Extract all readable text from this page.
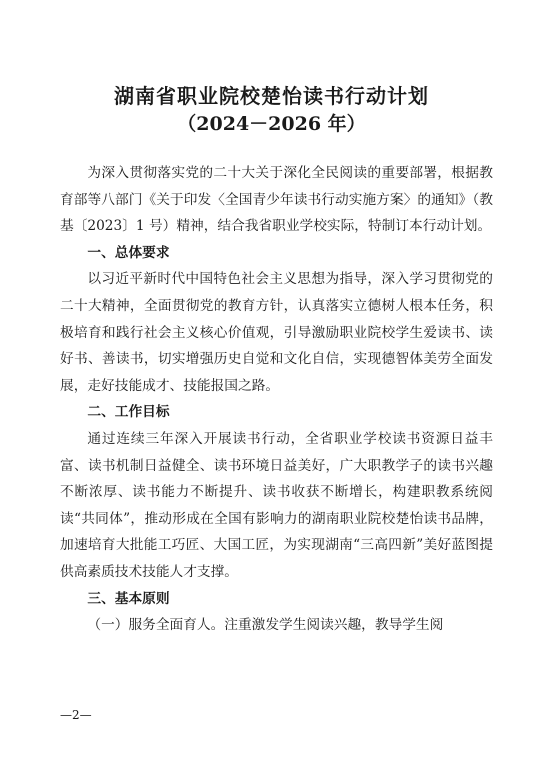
湖南省职业院校楚怡读书行动计划
（2024－2026 年）

为深入贯彻落实党的二十大关于深化全民阅读的重要部署，根据教育部等八部门《关于印发〈全国青少年读书行动实施方案〉的通知》（教基〔2023〕1 号）精神，结合我省职业学校实际，特制订本行动计划。

一、总体要求

以习近平新时代中国特色社会主义思想为指导，深入学习贯彻党的二十大精神，全面贯彻党的教育方针，认真落实立德树人根本任务，积极培育和践行社会主义核心价值观，引导激励职业院校学生爱读书、读好书、善读书，切实增强历史自觉和文化自信，实现德智体美劳全面发展，走好技能成才、技能报国之路。

二、工作目标

通过连续三年深入开展读书行动，全省职业学校读书资源日益丰富、读书机制日益健全、读书环境日益美好，广大职教学子的读书兴趣不断浓厚、读书能力不断提升、读书收获不断增长，构建职教系统阅读“共同体”，推动形成在全国有影响力的湖南职业院校楚怡读书品牌，加速培育大批能工巧匠、大国工匠，为实现湖南“三高四新”美好蓝图提供高素质技术技能人才支撑。

三、基本原则

（一）服务全面育人。注重激发学生阅读兴趣，教导学生阅

—2—
